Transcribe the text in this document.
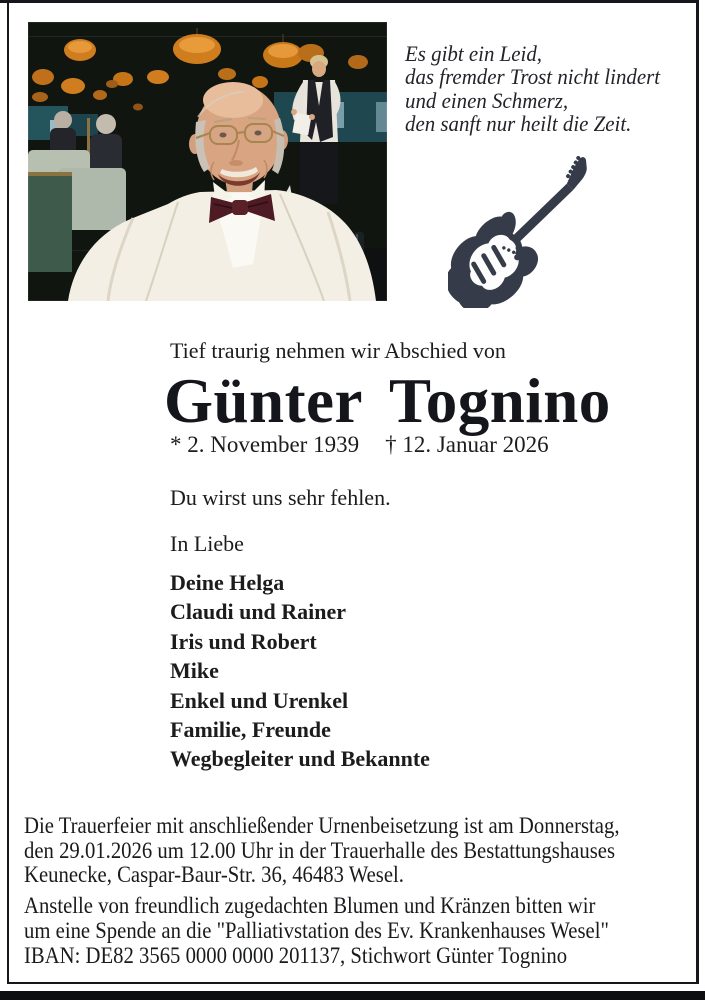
Es gibt ein Leid,
das fremder Trost nicht lindert
und einen Schmerz,
den sanft nur heilt die Zeit.
Tief traurig nehmen wir Abschied von
Günter Tognino
* 2. November 1939 † 12. Januar 2026
Du wirst uns sehr fehlen.
In Liebe
Deine Helga
Claudi und Rainer
Iris und Robert
Mike
Enkel und Urenkel
Familie, Freunde
Wegbegleiter und Bekannte
Die Trauerfeier mit anschließender Urnenbeisetzung ist am Donnerstag,
den 29.01.2026 um 12.00 Uhr in der Trauerhalle des Bestattungshauses
Keunecke, Caspar-Baur-Str. 36, 46483 Wesel.
Anstelle von freundlich zugedachten Blumen und Kränzen bitten wir
um eine Spende an die "Palliativstation des Ev. Krankenhauses Wesel"
IBAN: DE82 3565 0000 0000 201137, Stichwort Günter Tognino
